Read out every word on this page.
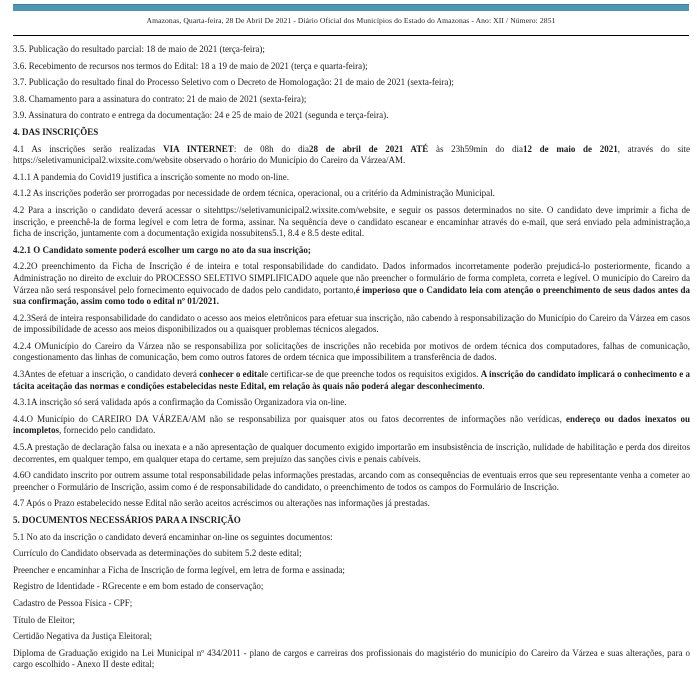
Amazonas, Quarta-feira, 28 De Abril De 2021 - Diário Oficial dos Municípios do Estado do Amazonas - Ano: XII / Número: 2851

3.5. Publicação do resultado parcial: 18 de maio de 2021 (terça-feira);

3.6. Recebimento de recursos nos termos do Edital: 18 a 19 de maio de 2021 (terça e quarta-feira);

3.7. Publicação do resultado final do Processo Seletivo com o Decreto de Homologação: 21 de maio de 2021 (sexta-feira);

3.8. Chamamento para a assinatura do contrato: 21 de maio de 2021 (sexta-feira);

3.9. Assinatura do contrato e entrega da documentação: 24 e 25 de maio de 2021 (segunda e terça-feira).

4. DAS INSCRIÇÕES

4.1 As inscrições serão realizadas VIA INTERNET: de 08h do dia28 de abril de 2021 ATÉ às 23h59min do dia12 de maio de 2021, através do site https://seletivamunicipal2.wixsite.com/website observado o horário do Município do Careiro da Várzea/AM.

4.1.1 A pandemia do Covid19 justifica a inscrição somente no modo on-line.

4.1.2 As inscrições poderão ser prorrogadas por necessidade de ordem técnica, operacional, ou a critério da Administração Municipal.

4.2 Para a inscrição o candidato deverá acessar o sitehttps://seletivamunicipal2.wixsite.com/website, e seguir os passos determinados no site. O candidato deve imprimir a ficha de inscrição, e preenchê-la de forma legível e com letra de forma, assinar. Na sequência deve o candidato escanear e encaminhar através do e-mail, que será enviado pela administração,a ficha de inscrição, juntamente com a documentação exigida nossubitens5.1, 8.4 e 8.5 deste edital.

4.2.1 O Candidato somente poderá escolher um cargo no ato da sua inscrição;

4.2.2O preenchimento da Ficha de Inscrição é de inteira e total responsabilidade do candidato. Dados informados incorretamente poderão prejudicá-lo posteriormente, ficando a Administração no direito de excluir do PROCESSO SELETIVO SIMPLIFICADO aquele que não preencher o formulário de forma completa, correta e legível. O município do Careiro da Várzea não será responsável pelo fornecimento equivocado de dados pelo candidato, portanto,é imperioso que o Candidato leia com atenção o preenchimento de seus dados antes da sua confirmação, assim como todo o edital nº 01/2021.

4.2.3Será de inteira responsabilidade do candidato o acesso aos meios eletrônicos para efetuar sua inscrição, não cabendo à responsabilização do Município do Careiro da Várzea em casos de impossibilidade de acesso aos meios disponibilizados ou a quaisquer problemas técnicos alegados.

4.2.4 OMunicípio do Careiro da Várzea não se responsabiliza por solicitações de inscrições não recebida por motivos de ordem técnica dos computadores, falhas de comunicação, congestionamento das linhas de comunicação, bem como outros fatores de ordem técnica que impossibilitem a transferência de dados.

4.3Antes de efetuar a inscrição, o candidato deverá conhecer o editale certificar-se de que preenche todos os requisitos exigidos. A inscrição do candidato implicará o conhecimento e a tácita aceitação das normas e condições estabelecidas neste Edital, em relação às quais não poderá alegar desconhecimento.

4.3.1A inscrição só será validada após a confirmação da Comissão Organizadora via on-line.

4.4.O Município do CAREIRO DA VÁRZEA/AM não se responsabiliza por quaisquer atos ou fatos decorrentes de informações não verídicas, endereço ou dados inexatos ou incompletos, fornecido pelo candidato.

4.5.A prestação de declaração falsa ou inexata e a não apresentação de qualquer documento exigido importarão em insubsistência de inscrição, nulidade de habilitação e perda dos direitos decorrentes, em qualquer tempo, em qualquer etapa do certame, sem prejuízo das sanções civis e penais cabíveis.

4.6O candidato inscrito por outrem assume total responsabilidade pelas informações prestadas, arcando com as consequências de eventuais erros que seu representante venha a cometer ao preencher o Formulário de Inscrição, assim como é de responsabilidade do candidato, o preenchimento de todos os campos do Formulário de Inscrição.

4.7 Após o Prazo estabelecido nesse Edital não serão aceitos acréscimos ou alterações nas informações já prestadas.

5. DOCUMENTOS NECESSÁRIOS PARA A INSCRIÇÃO

5.1 No ato da inscrição o candidato deverá encaminhar on-line os seguintes documentos:

Currículo do Candidato observada as determinações do subitem 5.2 deste edital;

Preencher e encaminhar a Ficha de Inscrição de forma legível, em letra de forma e assinada;

Registro de Identidade - RGrecente e em bom estado de conservação;

Cadastro de Pessoa Física - CPF;

Título de Eleitor;

Certidão Negativa da Justiça Eleitoral;

Diploma de Graduação exigido na Lei Municipal nº 434/2011 - plano de cargos e carreiras dos profissionais do magistério do município do Careiro da Várzea e suas alterações, para o cargo escolhido - Anexo II deste edital;
